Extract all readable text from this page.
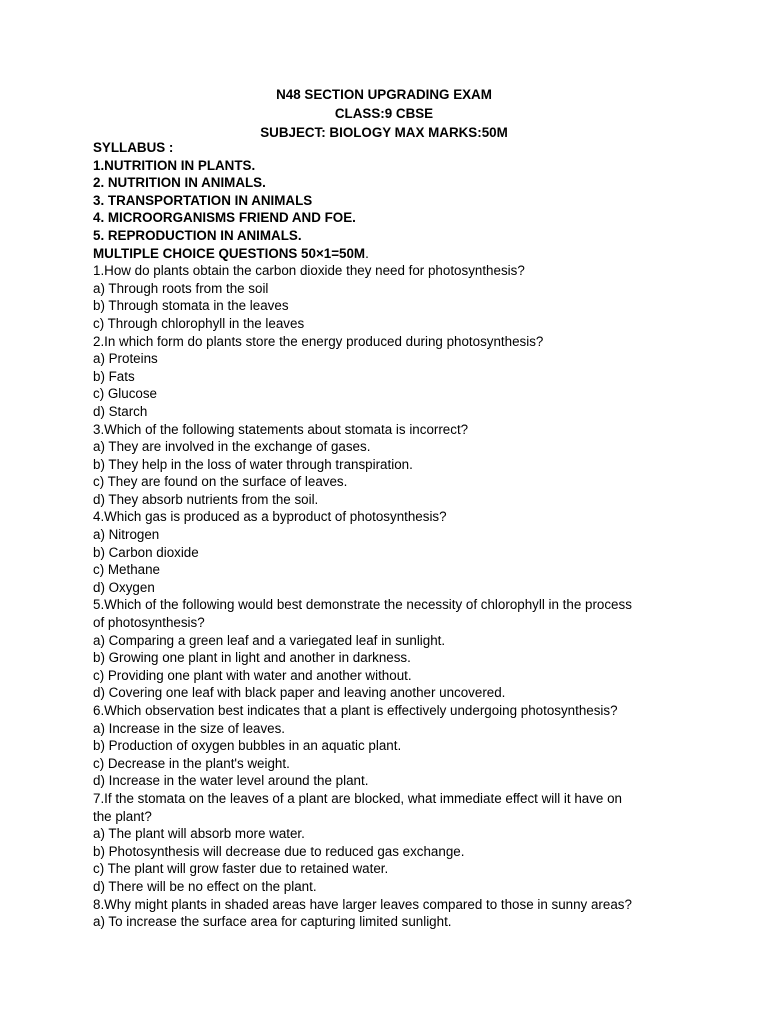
N48 SECTION UPGRADING EXAM
CLASS:9 CBSE
SUBJECT: BIOLOGY MAX MARKS:50M
SYLLABUS :
1.NUTRITION IN PLANTS.
2. NUTRITION IN ANIMALS.
3. TRANSPORTATION IN ANIMALS
4. MICROORGANISMS FRIEND AND FOE.
5. REPRODUCTION IN ANIMALS.
MULTIPLE CHOICE QUESTIONS 50×1=50M.
1.How do plants obtain the carbon dioxide they need for photosynthesis?
a) Through roots from the soil
b) Through stomata in the leaves
c) Through chlorophyll in the leaves
2.In which form do plants store the energy produced during photosynthesis?
a) Proteins
b) Fats
c) Glucose
d) Starch
3.Which of the following statements about stomata is incorrect?
a) They are involved in the exchange of gases.
b) They help in the loss of water through transpiration.
c) They are found on the surface of leaves.
d) They absorb nutrients from the soil.
4.Which gas is produced as a byproduct of photosynthesis?
a) Nitrogen
b) Carbon dioxide
c) Methane
d) Oxygen
5.Which of the following would best demonstrate the necessity of chlorophyll in the process
of photosynthesis?
a) Comparing a green leaf and a variegated leaf in sunlight.
b) Growing one plant in light and another in darkness.
c) Providing one plant with water and another without.
d) Covering one leaf with black paper and leaving another uncovered.
6.Which observation best indicates that a plant is effectively undergoing photosynthesis?
a) Increase in the size of leaves.
b) Production of oxygen bubbles in an aquatic plant.
c) Decrease in the plant's weight.
d) Increase in the water level around the plant.
7.If the stomata on the leaves of a plant are blocked, what immediate effect will it have on
the plant?
a) The plant will absorb more water.
b) Photosynthesis will decrease due to reduced gas exchange.
c) The plant will grow faster due to retained water.
d) There will be no effect on the plant.
8.Why might plants in shaded areas have larger leaves compared to those in sunny areas?
a) To increase the surface area for capturing limited sunlight.
